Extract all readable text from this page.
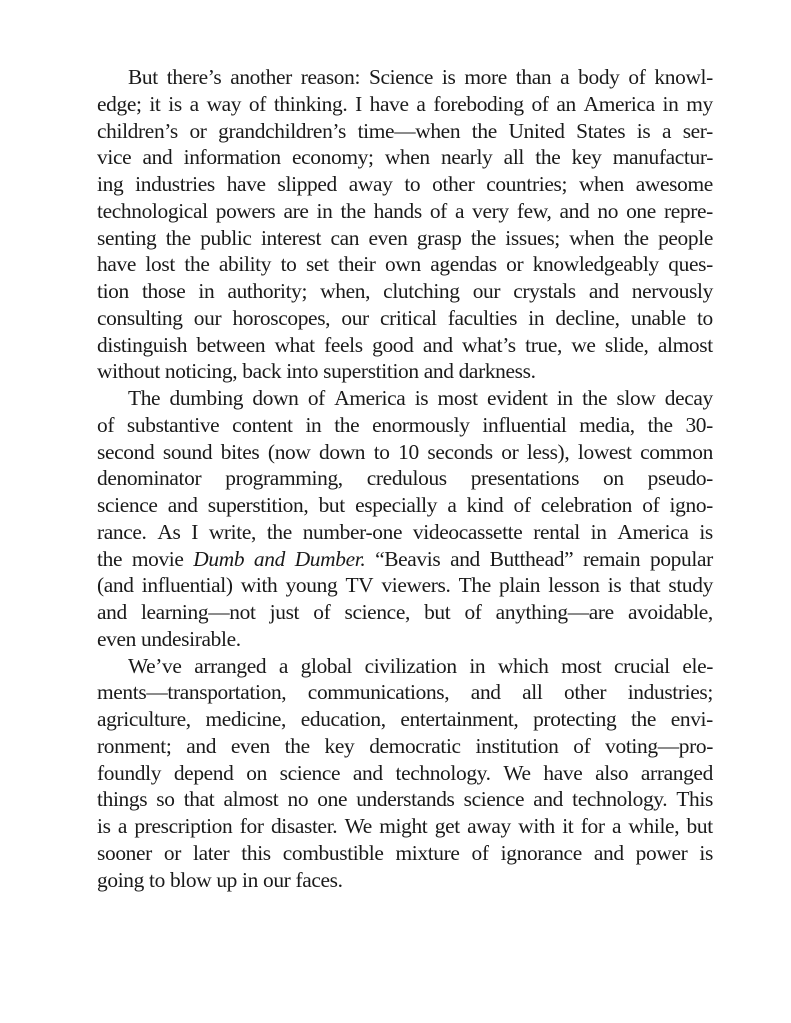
But there’s another reason: Science is more than a body of knowl-
edge; it is a way of thinking. I have a foreboding of an America in my
children’s or grandchildren’s time—when the United States is a ser-
vice and information economy; when nearly all the key manufactur-
ing industries have slipped away to other countries; when awesome
technological powers are in the hands of a very few, and no one repre-
senting the public interest can even grasp the issues; when the people
have lost the ability to set their own agendas or knowledgeably ques-
tion those in authority; when, clutching our crystals and nervously
consulting our horoscopes, our critical faculties in decline, unable to
distinguish between what feels good and what’s true, we slide, almost
without noticing, back into superstition and darkness.
The dumbing down of America is most evident in the slow decay
of substantive content in the enormously influential media, the 30-
second sound bites (now down to 10 seconds or less), lowest common
denominator programming, credulous presentations on pseudo-
science and superstition, but especially a kind of celebration of igno-
rance. As I write, the number-one videocassette rental in America is
the movie Dumb and Dumber. “Beavis and Butthead” remain popular
(and influential) with young TV viewers. The plain lesson is that study
and learning—not just of science, but of anything—are avoidable,
even undesirable.
We’ve arranged a global civilization in which most crucial ele-
ments—transportation, communications, and all other industries;
agriculture, medicine, education, entertainment, protecting the envi-
ronment; and even the key democratic institution of voting—pro-
foundly depend on science and technology. We have also arranged
things so that almost no one understands science and technology. This
is a prescription for disaster. We might get away with it for a while, but
sooner or later this combustible mixture of ignorance and power is
going to blow up in our faces.
